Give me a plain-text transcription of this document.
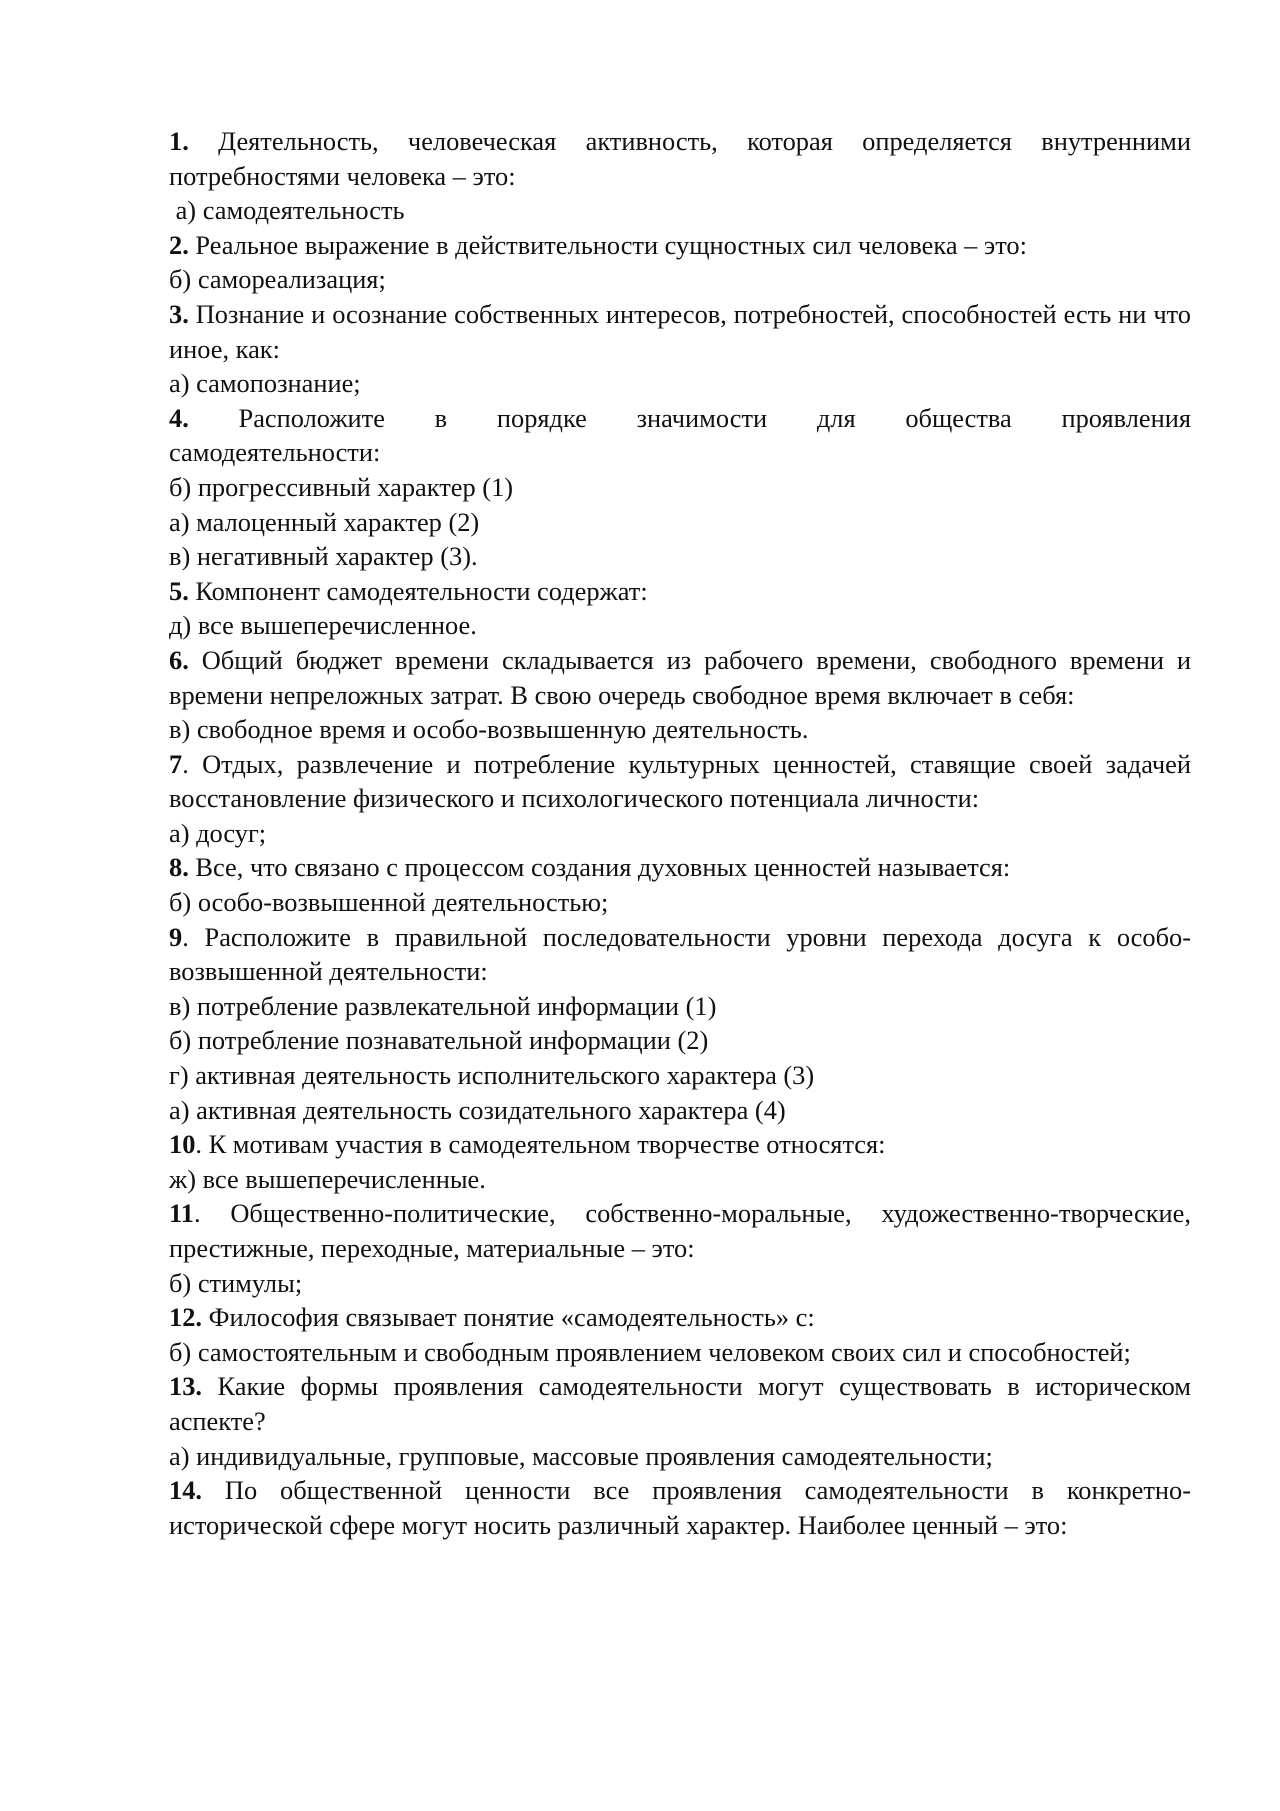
1. Деятельность, человеческая активность, которая определяется внутренними потребностями человека – это:

а) самодеятельность

2. Реальное выражение в действительности сущностных сил человека – это:

б) самореализация;

3. Познание и осознание собственных интересов, потребностей, способностей есть ни что иное, как:

а) самопознание;

4. Расположите в порядке значимости для общества проявления самодеятельности:

б) прогрессивный характер (1)

а) малоценный характер (2)

в) негативный характер (3).

5. Компонент самодеятельности содержат:

д) все вышеперечисленное.

6. Общий бюджет времени складывается из рабочего времени, свободного времени и времени непреложных затрат. В свою очередь свободное время включает в себя:

в) свободное время и особо-возвышенную деятельность.

7. Отдых, развлечение и потребление культурных ценностей, ставящие своей задачей восстановление физического и психологического потенциала личности:

а) досуг;

8. Все, что связано с процессом создания духовных ценностей называется:

б) особо-возвышенной деятельностью;

9. Расположите в правильной последовательности уровни перехода досуга к особо-возвышенной деятельности:

в) потребление развлекательной информации (1)

б) потребление познавательной информации (2)

г) активная деятельность исполнительского характера (3)

а) активная деятельность созидательного характера (4)

10. К мотивам участия в самодеятельном творчестве относятся:

ж) все вышеперечисленные.

11. Общественно-политические, собственно-моральные, художественно-творческие, престижные, переходные, материальные – это:

б) стимулы;

12. Философия связывает понятие «самодеятельность» с:

б) самостоятельным и свободным проявлением человеком своих сил и способностей;

13. Какие формы проявления самодеятельности могут существовать в историческом аспекте?

а) индивидуальные, групповые, массовые проявления самодеятельности;

14. По общественной ценности все проявления самодеятельности в конкретно-исторической сфере могут носить различный характер. Наиболее ценный – это:
